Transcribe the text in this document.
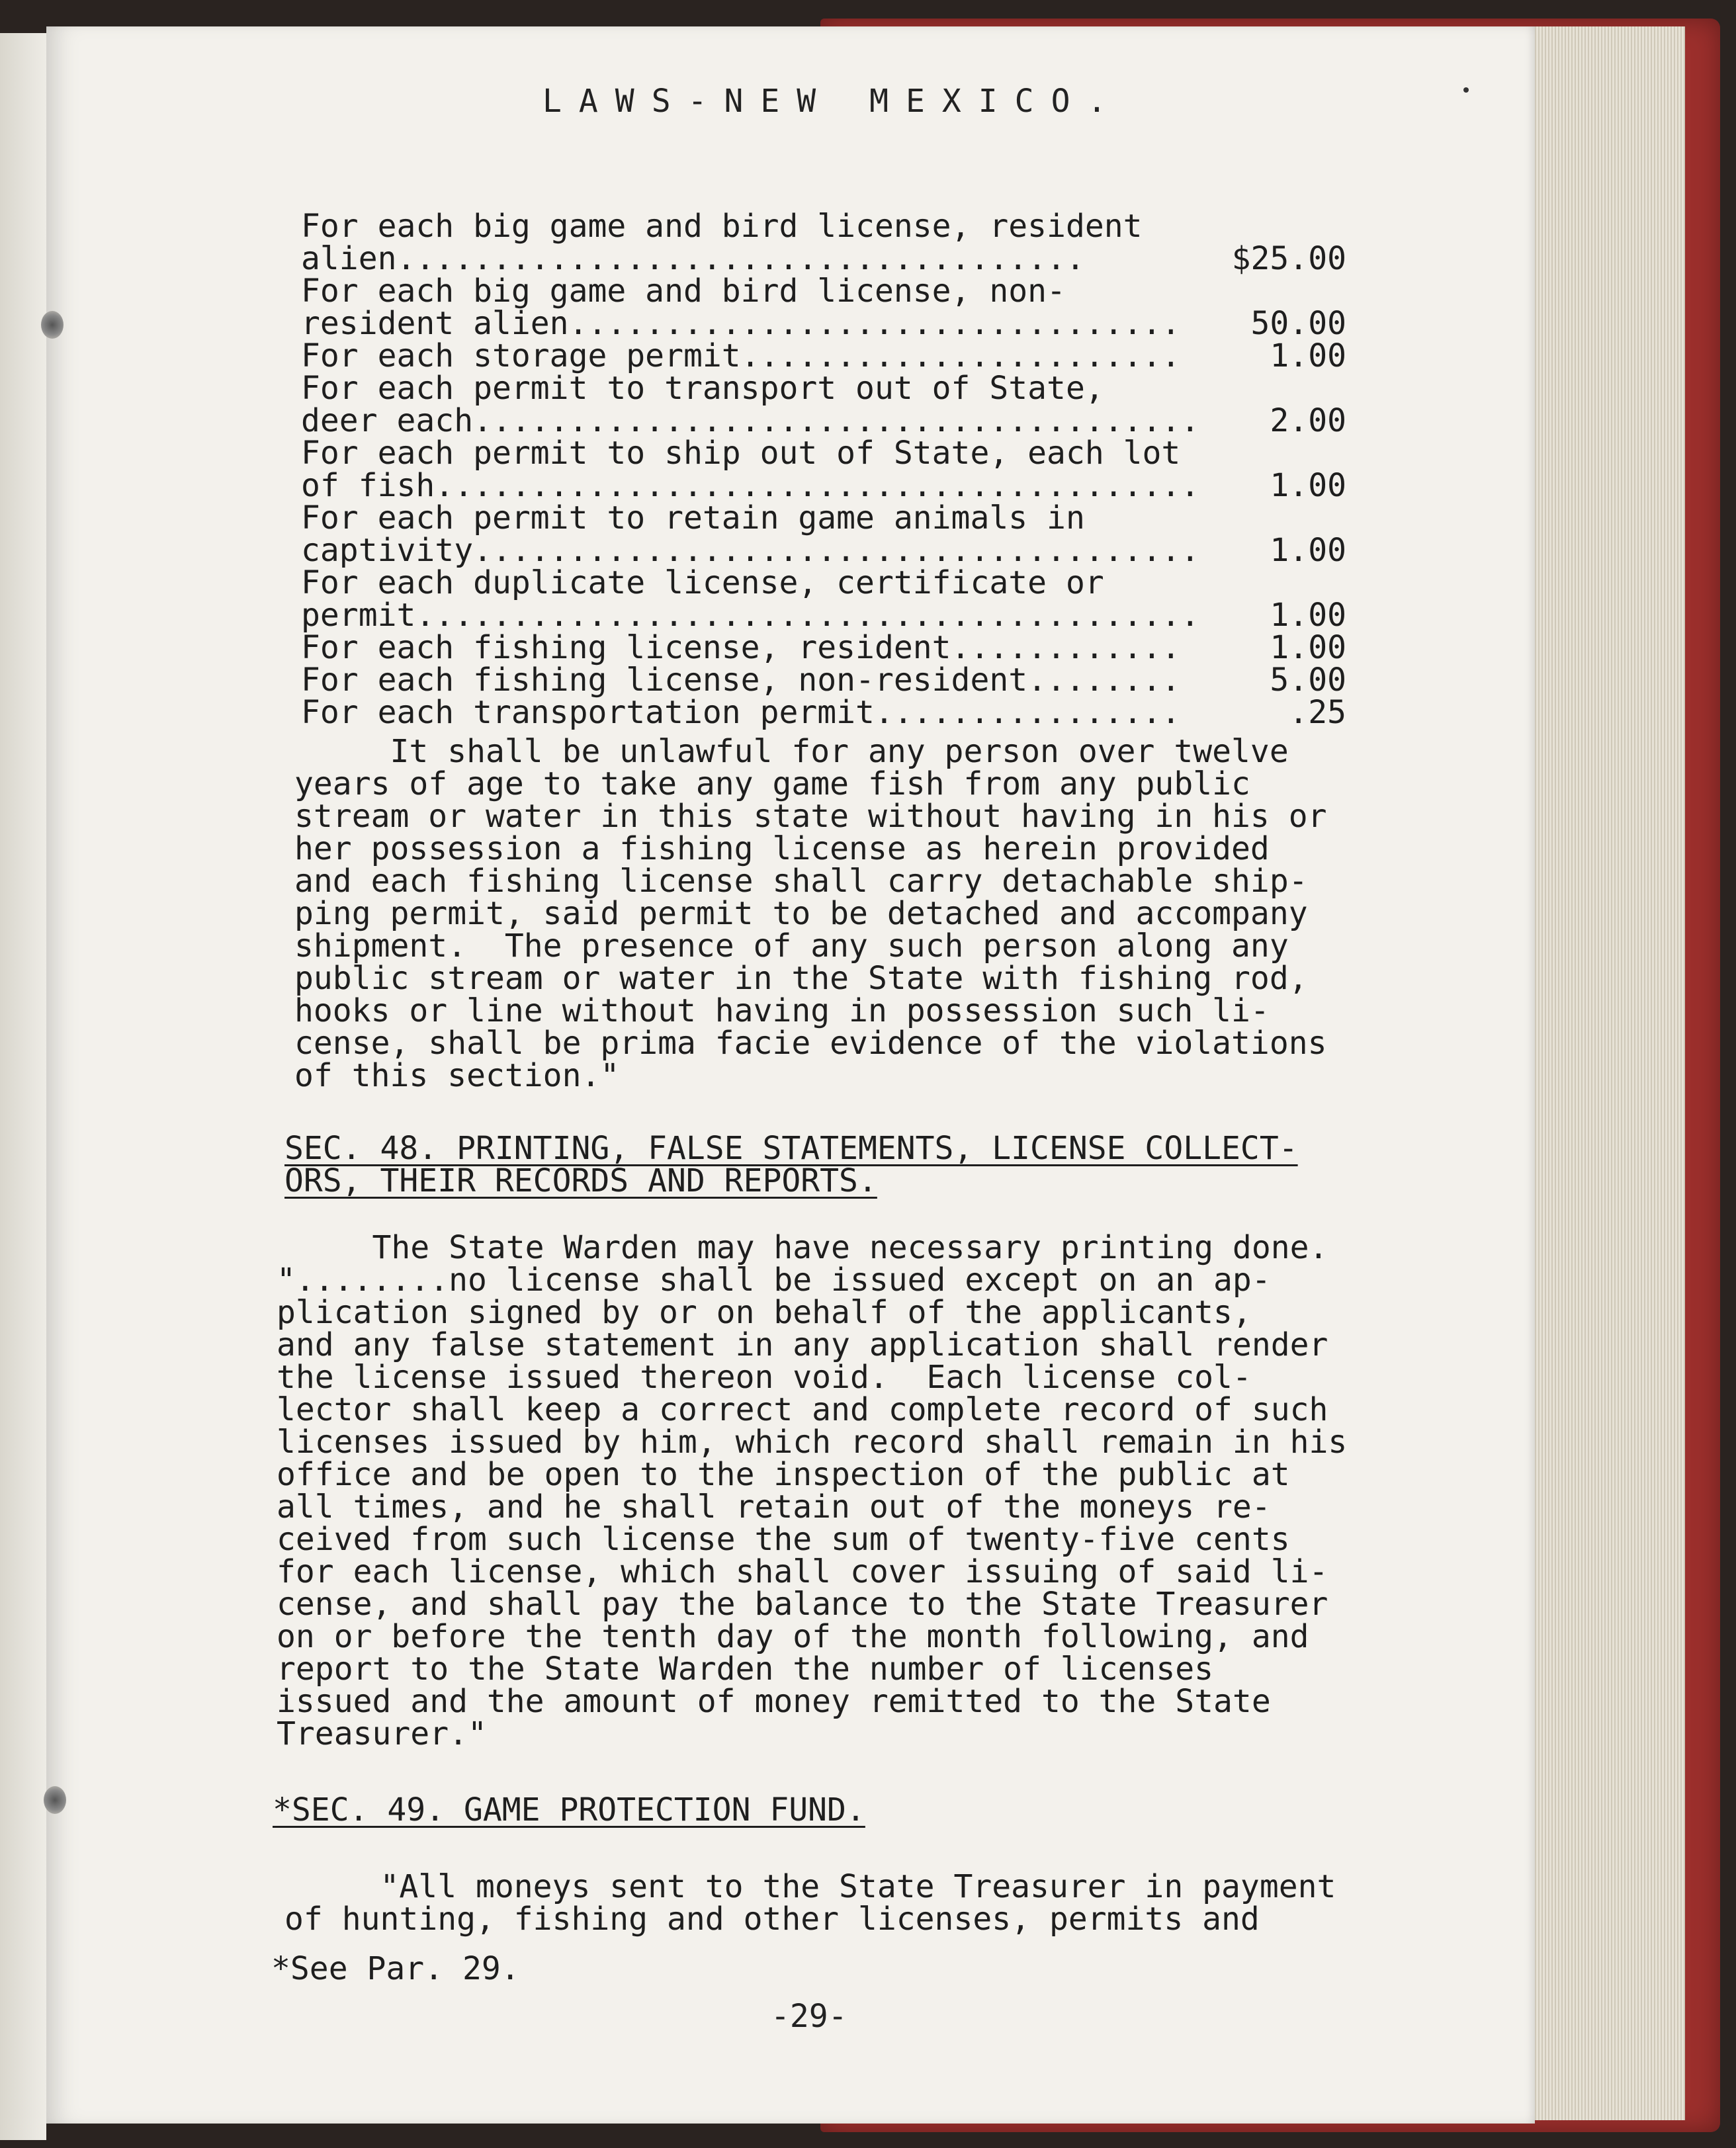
LAWS-NEW MEXICO.
For each big game and bird license, resident
alien....................................	$25.00
For each big game and bird license, non-
resident alien................................	50.00
For each storage permit.......................	1.00
For each permit to transport out of State,
deer each......................................	2.00
For each permit to ship out of State, each lot
of fish........................................	1.00
For each permit to retain game animals in
captivity......................................	1.00
For each duplicate license, certificate or
permit.........................................	1.00
For each fishing license, resident............	1.00
For each fishing license, non-resident........	5.00
For each transportation permit................	.25
It shall be unlawful for any person over twelve
years of age to take any game fish from any public
stream or water in this state without having in his or
her possession a fishing license as herein provided
and each fishing license shall carry detachable ship-
ping permit, said permit to be detached and accompany
shipment.  The presence of any such person along any
public stream or water in the State with fishing rod,
hooks or line without having in possession such li-
cense, shall be prima facie evidence of the violations
of this section."
SEC. 48. PRINTING, FALSE STATEMENTS, LICENSE COLLECT-
ORS, THEIR RECORDS AND REPORTS.
The State Warden may have necessary printing done.
"........no license shall be issued except on an ap-
plication signed by or on behalf of the applicants,
and any false statement in any application shall render
the license issued thereon void.  Each license col-
lector shall keep a correct and complete record of such
licenses issued by him, which record shall remain in his
office and be open to the inspection of the public at
all times, and he shall retain out of the moneys re-
ceived from such license the sum of twenty-five cents
for each license, which shall cover issuing of said li-
cense, and shall pay the balance to the State Treasurer
on or before the tenth day of the month following, and
report to the State Warden the number of licenses
issued and the amount of money remitted to the State
Treasurer."
*SEC. 49. GAME PROTECTION FUND.
"All moneys sent to the State Treasurer in payment
of hunting, fishing and other licenses, permits and
*See Par. 29.
-29-
